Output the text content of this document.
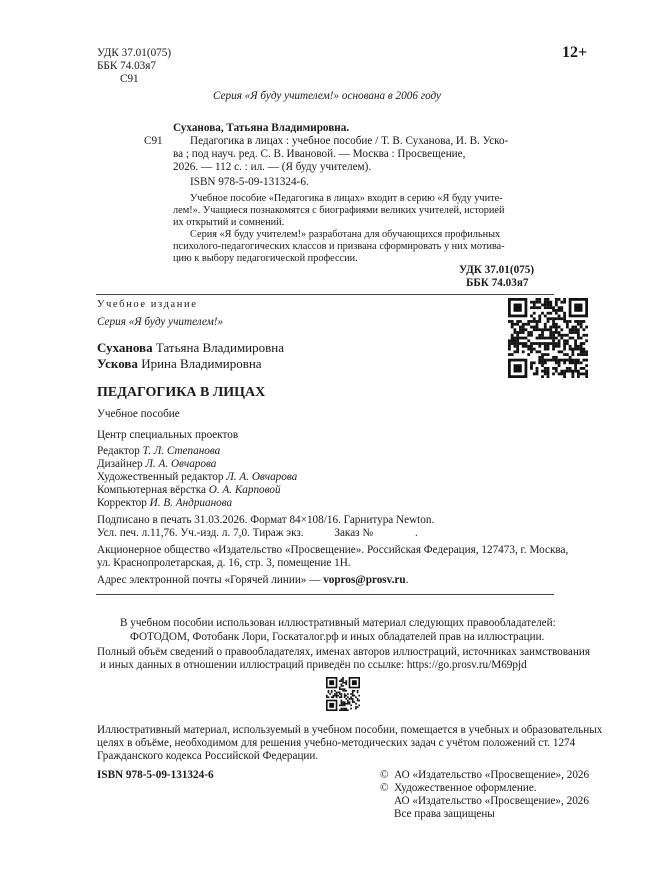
УДК 37.01(075)
ББК 74.03я7
С91
12+
Серия «Я буду учителем!» основана в 2006 году
Суханова, Татьяна Владимировна.
С91 Педагогика в лицах : учебное пособие / Т. В. Суханова, И. В. Уско-
ва ; под науч. ред. С. В. Ивановой. — Москва : Просвещение,
2026. — 112 с. : ил. — (Я буду учителем).
ISBN 978-5-09-131324-6.
Учебное пособие «Педагогика в лицах» входит в серию «Я буду учите-
лем!». Учащиеся познакомятся с биографиями великих учителей, историей
их открытий и сомнений.
Серия «Я буду учителем!» разработана для обучающихся профильных
психолого-педагогических классов и призвана сформировать у них мотива-
цию к выбору педагогической профессии.
УДК 37.01(075)
ББК 74.03я7
Учебное издание
Серия «Я буду учителем!»
Суханова Татьяна Владимировна
Ускова Ирина Владимировна
ПЕДАГОГИКА В ЛИЦАХ
Учебное пособие
Центр специальных проектов
Редактор Т. Л. Степанова
Дизайнер Л. А. Овчарова
Художественный редактор Л. А. Овчарова
Компьютерная вёрстка О. А. Карповой
Корректор И. В. Андрианова
Подписано в печать 31.03.2026. Формат 84×108/16. Гарнитура Newton.
Усл. печ. л.11,76. Уч.-изд. л. 7,0. Тираж экз.           Заказ №               .
Акционерное общество «Издательство «Просвещение». Российская Федерация, 127473, г. Москва,
ул. Краснопролетарская, д. 16, стр. 3, помещение 1Н.
Адрес электронной почты «Горячей линии» — vopros@prosv.ru.
В учебном пособии использован иллюстративный материал следующих правообладателей:
ФОТОДОМ, Фотобанк Лори, Госкаталог.рф и иных обладателей прав на иллюстрации.
Полный объём сведений о правообладателях, именах авторов иллюстраций, источниках заимствования
и иных данных в отношении иллюстраций приведён по ссылке: https://go.prosv.ru/M69pjd
Иллюстративный материал, используемый в учебном пособии, помещается в учебных и образовательных
целях в объёме, необходимом для решения учебно-методических задач с учётом положений ст. 1274
Гражданского кодекса Российской Федерации.
ISBN 978-5-09-131324-6	©  АО «Издательство «Просвещение», 2026
©  Художественное оформление.
АО «Издательство «Просвещение», 2026
Все права защищены
